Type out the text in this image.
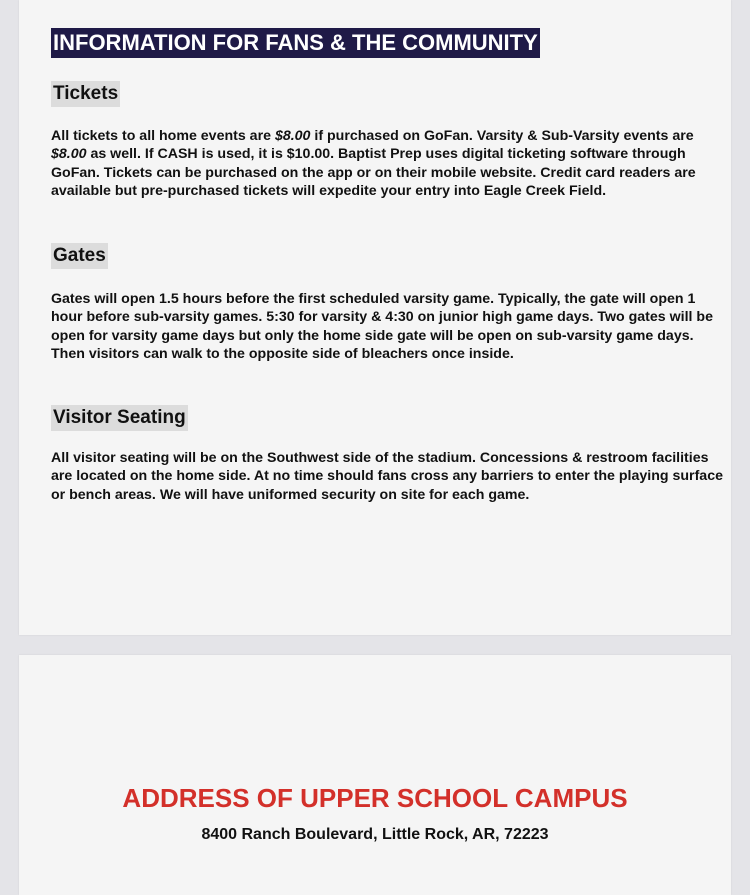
INFORMATION FOR FANS & THE COMMUNITY
Tickets

All tickets to all home events are $8.00 if purchased on GoFan. Varsity & Sub-Varsity events are $8.00 as well. If CASH is used, it is $10.00. Baptist Prep uses digital ticketing software through GoFan. Tickets can be purchased on the app or on their mobile website. Credit card readers are available but pre-purchased tickets will expedite your entry into Eagle Creek Field.

Gates

Gates will open 1.5 hours before the first scheduled varsity game. Typically, the gate will open 1 hour before sub-varsity games. 5:30 for varsity & 4:30 on junior high game days. Two gates will be open for varsity game days but only the home side gate will be open on sub-varsity game days. Then visitors can walk to the opposite side of bleachers once inside.

Visitor Seating

All visitor seating will be on the Southwest side of the stadium. Concessions & restroom facilities are located on the home side. At no time should fans cross any barriers to enter the playing surface or bench areas. We will have uniformed security on site for each game.

ADDRESS OF UPPER SCHOOL CAMPUS
8400 Ranch Boulevard, Little Rock, AR, 72223
